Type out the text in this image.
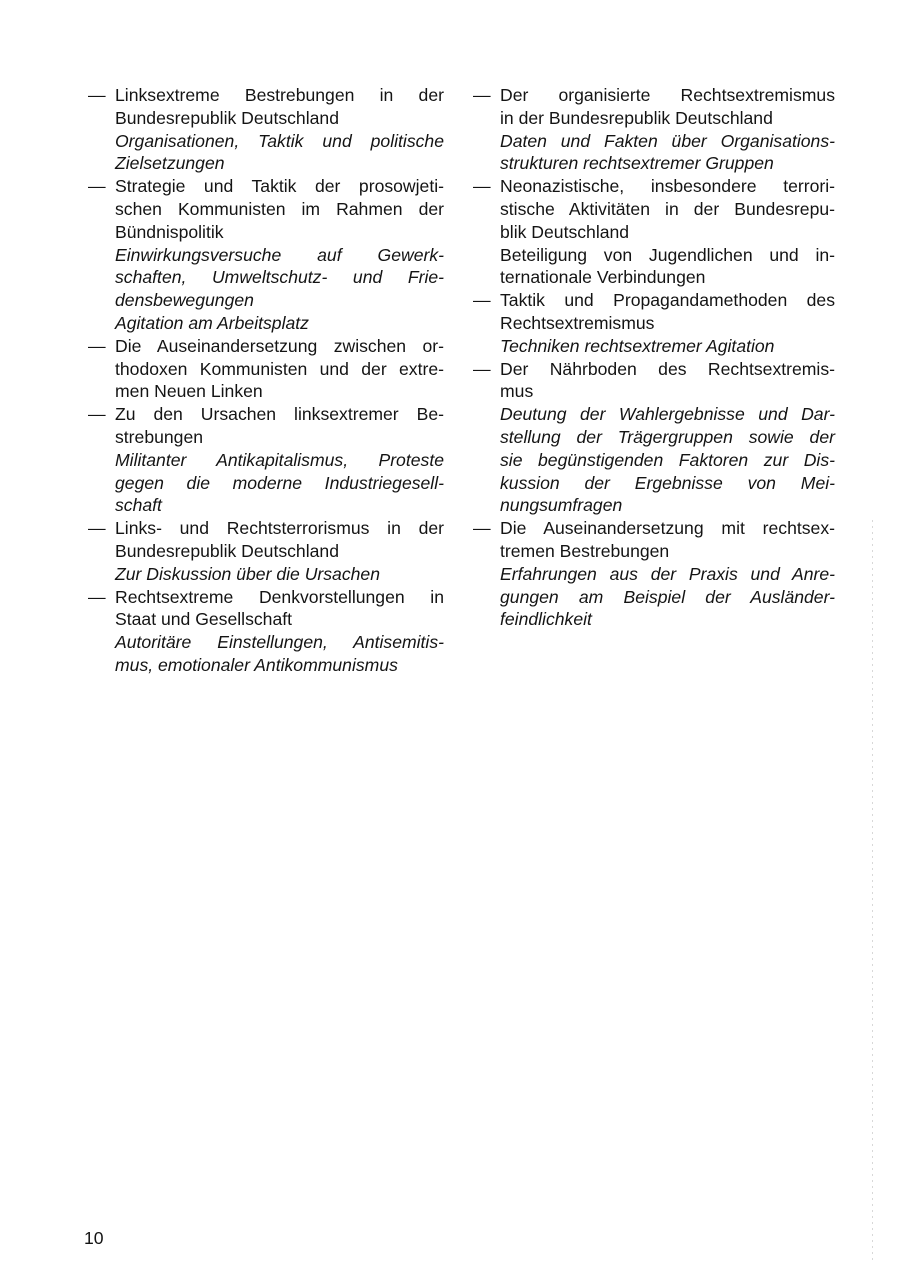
— Linksextreme Bestrebungen in der
Bundesrepublik Deutschland
Organisationen, Taktik und politische
Zielsetzungen
— Strategie und Taktik der prosowjeti-
schen Kommunisten im Rahmen der
Bündnispolitik
Einwirkungsversuche auf Gewerk-
schaften, Umweltschutz- und Frie-
densbewegungen
Agitation am Arbeitsplatz
— Die Auseinandersetzung zwischen or-
thodoxen Kommunisten und der extre-
men Neuen Linken
— Zu den Ursachen linksextremer Be-
strebungen
Militanter Antikapitalismus, Proteste
gegen die moderne Industriegesell-
schaft
— Links- und Rechtsterrorismus in der
Bundesrepublik Deutschland
Zur Diskussion über die Ursachen
— Rechtsextreme Denkvorstellungen in
Staat und Gesellschaft
Autoritäre Einstellungen, Antisemitis-
mus, emotionaler Antikommunismus
— Der organisierte Rechtsextremismus
in der Bundesrepublik Deutschland
Daten und Fakten über Organisations-
strukturen rechtsextremer Gruppen
— Neonazistische, insbesondere terrori-
stische Aktivitäten in der Bundesrepu-
blik Deutschland
Beteiligung von Jugendlichen und in-
ternationale Verbindungen
— Taktik und Propagandamethoden des
Rechtsextremismus
Techniken rechtsextremer Agitation
— Der Nährboden des Rechtsextremis-
mus
Deutung der Wahlergebnisse und Dar-
stellung der Trägergruppen sowie der
sie begünstigenden Faktoren zur Dis-
kussion der Ergebnisse von Mei-
nungsumfragen
— Die Auseinandersetzung mit rechtsex-
tremen Bestrebungen
Erfahrungen aus der Praxis und Anre-
gungen am Beispiel der Ausländer-
feindlichkeit
10
